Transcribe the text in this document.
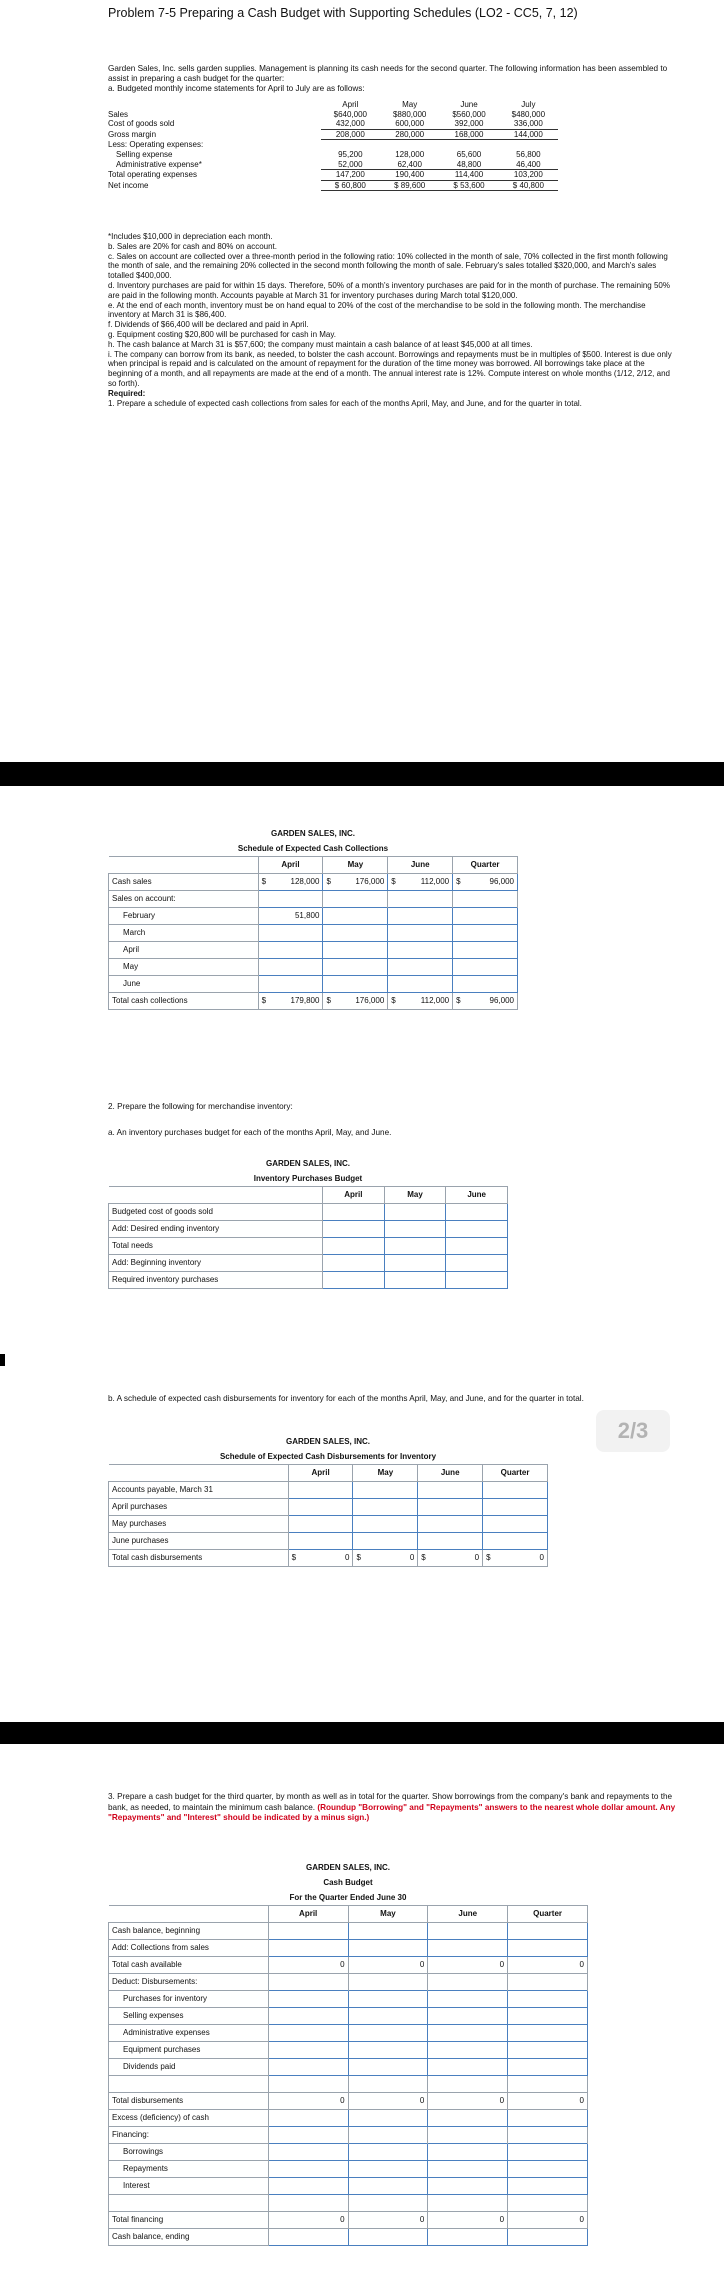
Problem 7-5 Preparing a Cash Budget with Supporting Schedules (LO2 - CC5, 7, 12)

Garden Sales, Inc. sells garden supplies. Management is planning its cash needs for the second quarter. The following information has been assembled to assist in preparing a cash budget for the quarter:

a. Budgeted monthly income statements for April to July are as follows:

April	May	June	July
Sales	$640,000	$880,000	$560,000	$480,000
Cost of goods sold	432,000	600,000	392,000	336,000
Gross margin	208,000	280,000	168,000	144,000
Less: Operating expenses:
Selling expense	95,200	128,000	65,600	56,800
Administrative expense*	52,000	62,400	48,800	46,400
Total operating expenses	147,200	190,400	114,400	103,200
Net income	$ 60,800	$ 89,600	$ 53,600	$ 40,800

*Includes $10,000 in depreciation each month.

b. Sales are 20% for cash and 80% on account.

c. Sales on account are collected over a three-month period in the following ratio: 10% collected in the month of sale, 70% collected in the first month following the month of sale, and the remaining 20% collected in the second month following the month of sale. February's sales totalled $320,000, and March's sales totalled $400,000.

d. Inventory purchases are paid for within 15 days. Therefore, 50% of a month's inventory purchases are paid for in the month of purchase. The remaining 50% are paid in the following month. Accounts payable at March 31 for inventory purchases during March total $120,000.

e. At the end of each month, inventory must be on hand equal to 20% of the cost of the merchandise to be sold in the following month. The merchandise inventory at March 31 is $86,400.

f. Dividends of $66,400 will be declared and paid in April.

g. Equipment costing $20,800 will be purchased for cash in May.

h. The cash balance at March 31 is $57,600; the company must maintain a cash balance of at least $45,000 at all times.

i. The company can borrow from its bank, as needed, to bolster the cash account. Borrowings and repayments must be in multiples of $500. Interest is due only when principal is repaid and is calculated on the amount of repayment for the duration of the time money was borrowed. All borrowings take place at the beginning of a month, and all repayments are made at the end of a month. The annual interest rate is 12%. Compute interest on whole months (1/12, 2/12, and so forth).

Required:

1. Prepare a schedule of expected cash collections from sales for each of the months April, May, and June, and for the quarter in total.

GARDEN SALES, INC.				
Schedule of Expected Cash Collections				
	April	May	June	Quarter
Cash sales	$ 128,000	$ 176,000	$ 112,000	$ 96,000

Sales on account:				
February	51,800			
March				
April				
May				
June				
Total cash collections	$ 179,800	$ 176,000	$ 112,000	$ 96,000
2. Prepare the following for merchandise inventory:
a. An inventory purchases budget for each of the months April, May, and June.
GARDEN SALES, INC.			
Inventory Purchases Budget			
	April	May	June
Budgeted cost of goods sold			
Add: Desired ending inventory			
Total needs			
Add: Beginning inventory			
Required inventory purchases			
b. A schedule of expected cash disbursements for inventory for each of the months April, May, and June, and for the quarter in total.
2/3
GARDEN SALES, INC.				
Schedule of Expected Cash Disbursements for Inventory				
	April	May	June	Quarter
Accounts payable, March 31				
April purchases				
May purchases				
June purchases				
Total cash disbursements	$ 0	$ 0	$ 0	$ 0
3. Prepare a cash budget for the third quarter, by month as well as in total for the quarter. Show borrowings from the company's bank and repayments to the bank, as needed, to maintain the minimum cash balance. (Roundup "Borrowing" and "Repayments" answers to the nearest whole dollar amount. Any "Repayments" and "Interest" should be indicated by a minus sign.)
GARDEN SALES, INC.				
Cash Budget				
For the Quarter Ended June 30				
	April	May	June	Quarter
Cash balance, beginning				
Add: Collections from sales				
Total cash available	0	0	0	0
Deduct: Disbursements:				
Purchases for inventory				
Selling expenses				
Administrative expenses				
Equipment purchases				
Dividends paid				

Total disbursements	0	0	0	0
Excess (deficiency) of cash				
Financing:				
Borrowings				
Repayments				
Interest				

Total financing	0	0	0	0
Cash balance, ending				
